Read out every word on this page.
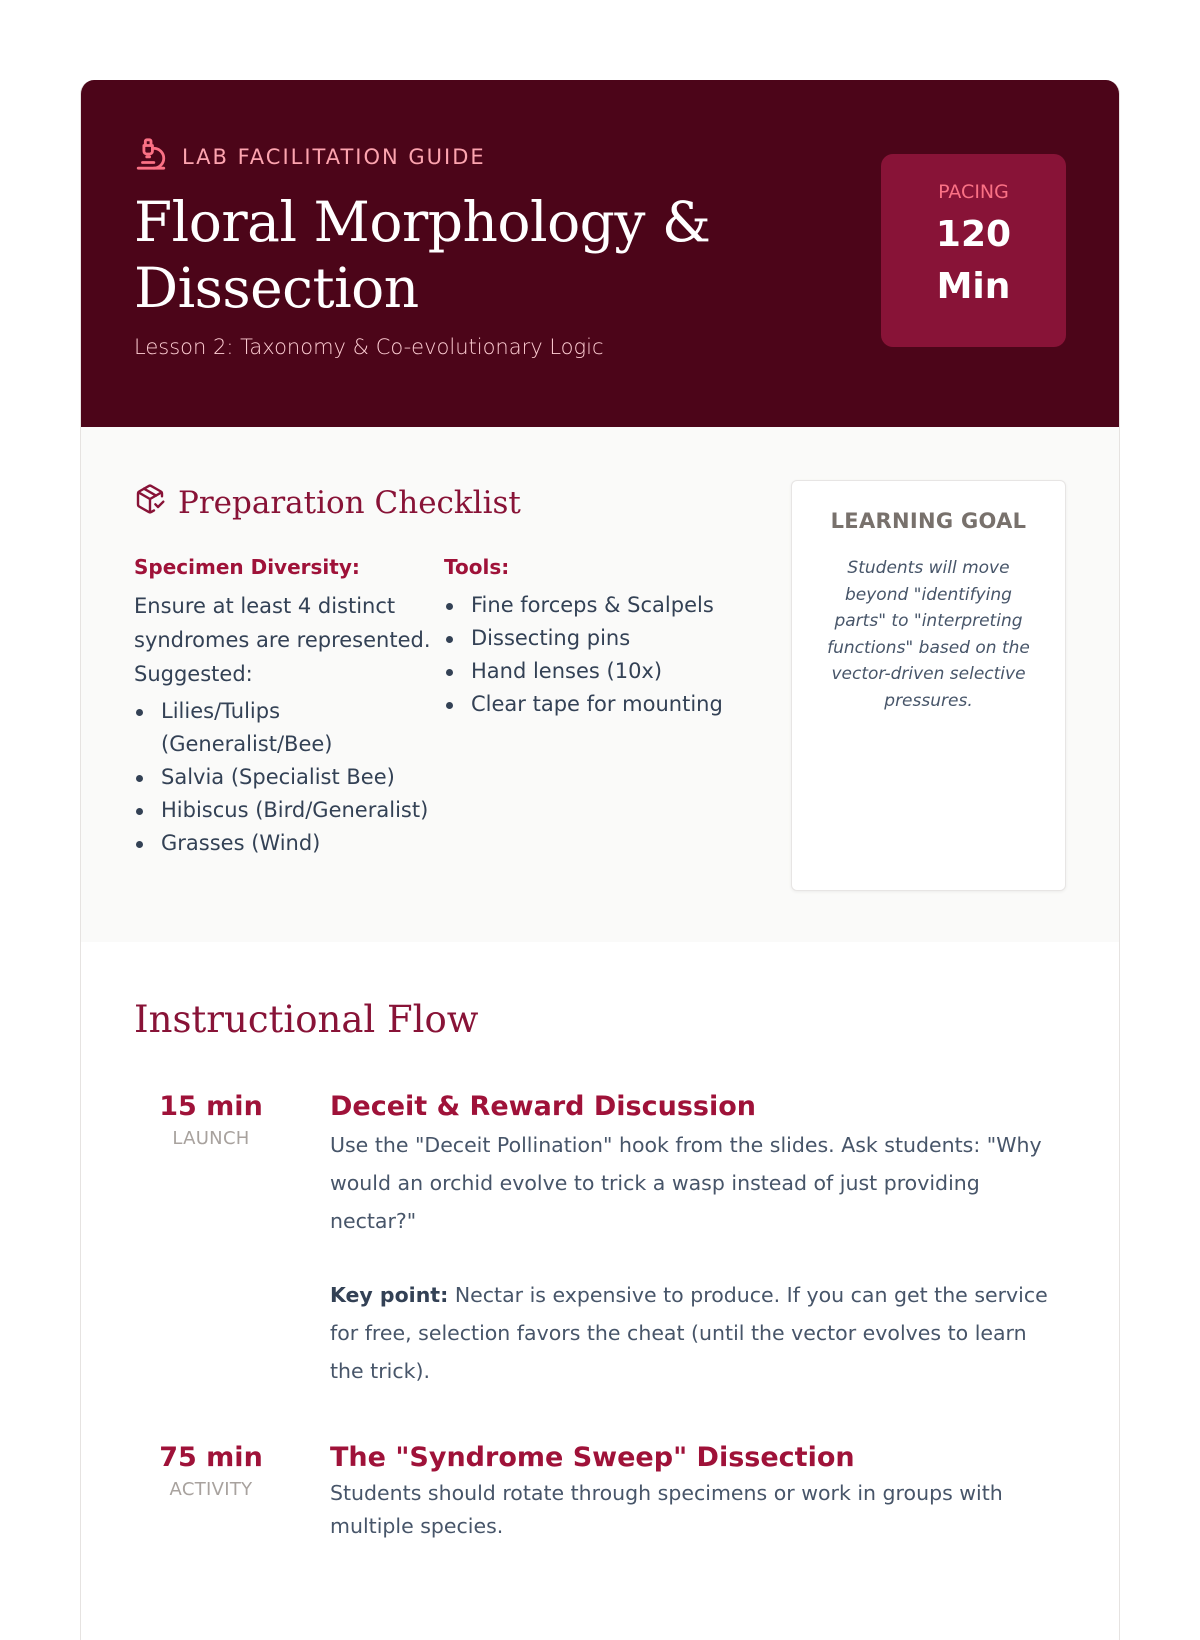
LAB FACILITATION GUIDE
Floral Morphology & Dissection
Lesson 2: Taxonomy & Co-evolutionary Logic
PACING
120
Min
Preparation Checklist
Specimen Diversity:

Ensure at least 4 distinct syndromes are represented. Suggested:

Lilies/Tulips (Generalist/Bee)
Salvia (Specialist Bee)
Hibiscus (Bird/Generalist)
Grasses (Wind)
Tools:
Fine forceps & Scalpels
Dissecting pins
Hand lenses (10x)
Clear tape for mounting
LEARNING GOAL

Students will move beyond "identifying parts" to "interpreting functions" based on the vector-driven selective pressures.

Instructional Flow
15 min
LAUNCH
Deceit & Reward Discussion

Use the "Deceit Pollination" hook from the slides. Ask students: "Why would an orchid evolve to trick a wasp instead of just providing nectar?"

Key point: Nectar is expensive to produce. If you can get the service for free, selection favors the cheat (until the vector evolves to learn the trick).

75 min
ACTIVITY
The "Syndrome Sweep" Dissection

Students should rotate through specimens or work in groups with multiple species.
